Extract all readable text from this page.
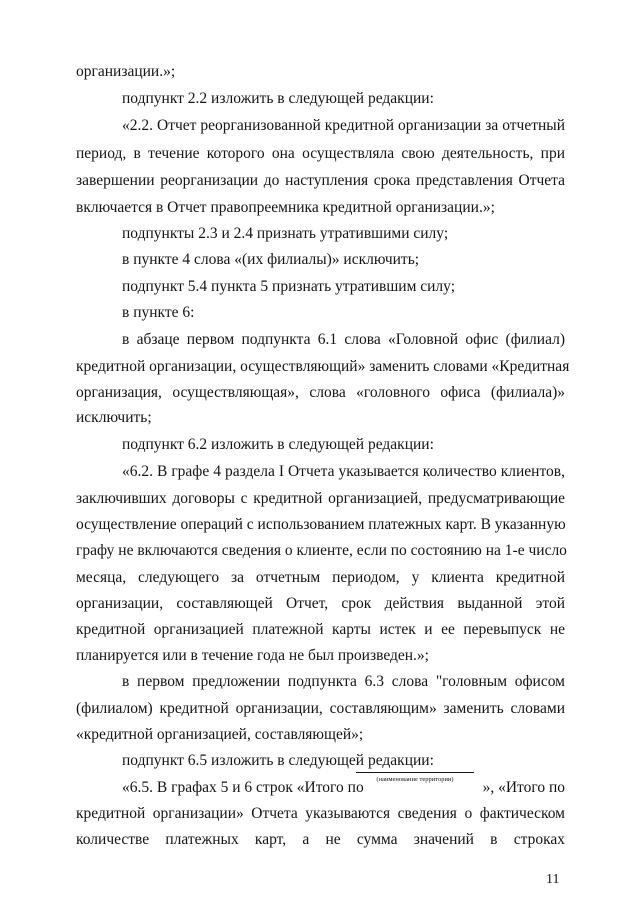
организации.»;
подпункт 2.2 изложить в следующей редакции:
«2.2. Отчет реорганизованной кредитной организации за отчетный
период, в течение которого она осуществляла свою деятельность, при
завершении реорганизации до наступления срока представления Отчета
включается в Отчет правопреемника кредитной организации.»;
подпункты 2.3 и 2.4 признать утратившими силу;
в пункте 4 слова «(их филиалы)» исключить;
подпункт 5.4 пункта 5 признать утратившим силу;
в пункте 6:
в абзаце первом подпункта 6.1 слова «Головной офис (филиал)
кредитной организации, осуществляющий» заменить словами «Кредитная
организация, осуществляющая», слова «головного офиса (филиала)»
исключить;
подпункт 6.2 изложить в следующей редакции:
«6.2. В графе 4 раздела I Отчета указывается количество клиентов,
заключивших договоры с кредитной организацией, предусматривающие
осуществление операций с использованием платежных карт. В указанную
графу не включаются сведения о клиенте, если по состоянию на 1-е число
месяца, следующего за отчетным периодом, у клиента кредитной
организации, составляющей Отчет, срок действия выданной этой
кредитной организацией платежной карты истек и ее перевыпуск не
планируется или в течение года не был произведен.»;
в первом предложении подпункта 6.3 слова "головным офисом
(филиалом) кредитной организации, составляющим» заменить словами
«кредитной организацией, составляющей»;
подпункт 6.5 изложить в следующей редакции:
«6.5. В графах 5 и 6 строк «Итого по	(наименование территории)	», «Итого по
кредитной организации» Отчета указываются сведения о фактическом
количестве платежных карт, а не сумма значений в строках
11
